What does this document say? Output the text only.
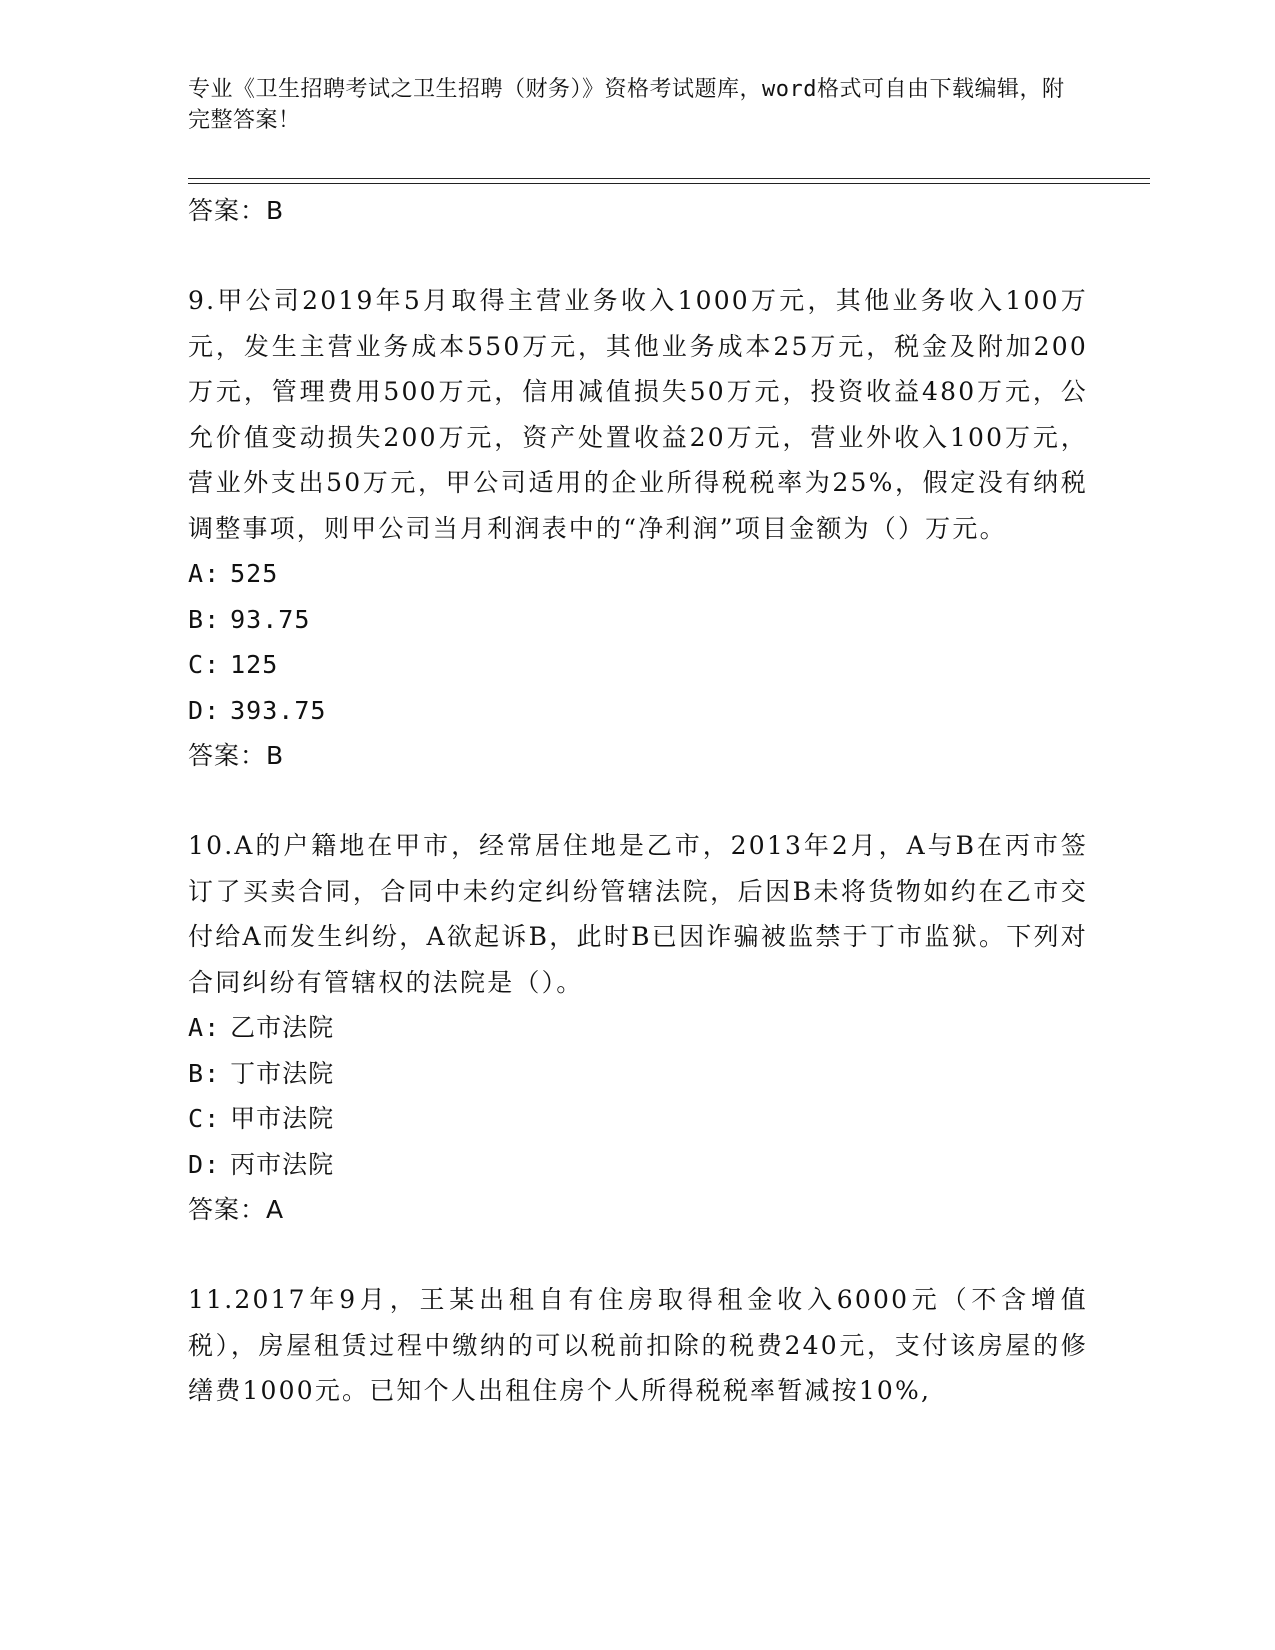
专业《卫生招聘考试之卫生招聘（财务）》资格考试题库，word格式可自由下载编辑，附完整答案！
答案：B
9.甲公司2019年5月取得主营业务收入1000万元，其他业务收入100万元，发生主营业务成本550万元，其他业务成本25万元，税金及附加200万元，管理费用500万元，信用减值损失50万元，投资收益480万元，公允价值变动损失200万元，资产处置收益20万元，营业外收入100万元，营业外支出50万元，甲公司适用的企业所得税税率为25%，假定没有纳税调整事项，则甲公司当月利润表中的“净利润”项目金额为（）万元。
A: 525
B: 93.75
C: 125
D: 393.75
答案：B
10.A的户籍地在甲市，经常居住地是乙市，2013年2月，A与B在丙市签订了买卖合同，合同中未约定纠纷管辖法院，后因B未将货物如约在乙市交付给A而发生纠纷，A欲起诉B，此时B已因诈骗被监禁于丁市监狱。下列对合同纠纷有管辖权的法院是（）。
A: 乙市法院
B: 丁市法院
C: 甲市法院
D: 丙市法院
答案：A
11.2017年9月，王某出租自有住房取得租金收入6000元（不含增值税），房屋租赁过程中缴纳的可以税前扣除的税费240元，支付该房屋的修缮费1000元。已知个人出租住房个人所得税税率暂减按10%,
